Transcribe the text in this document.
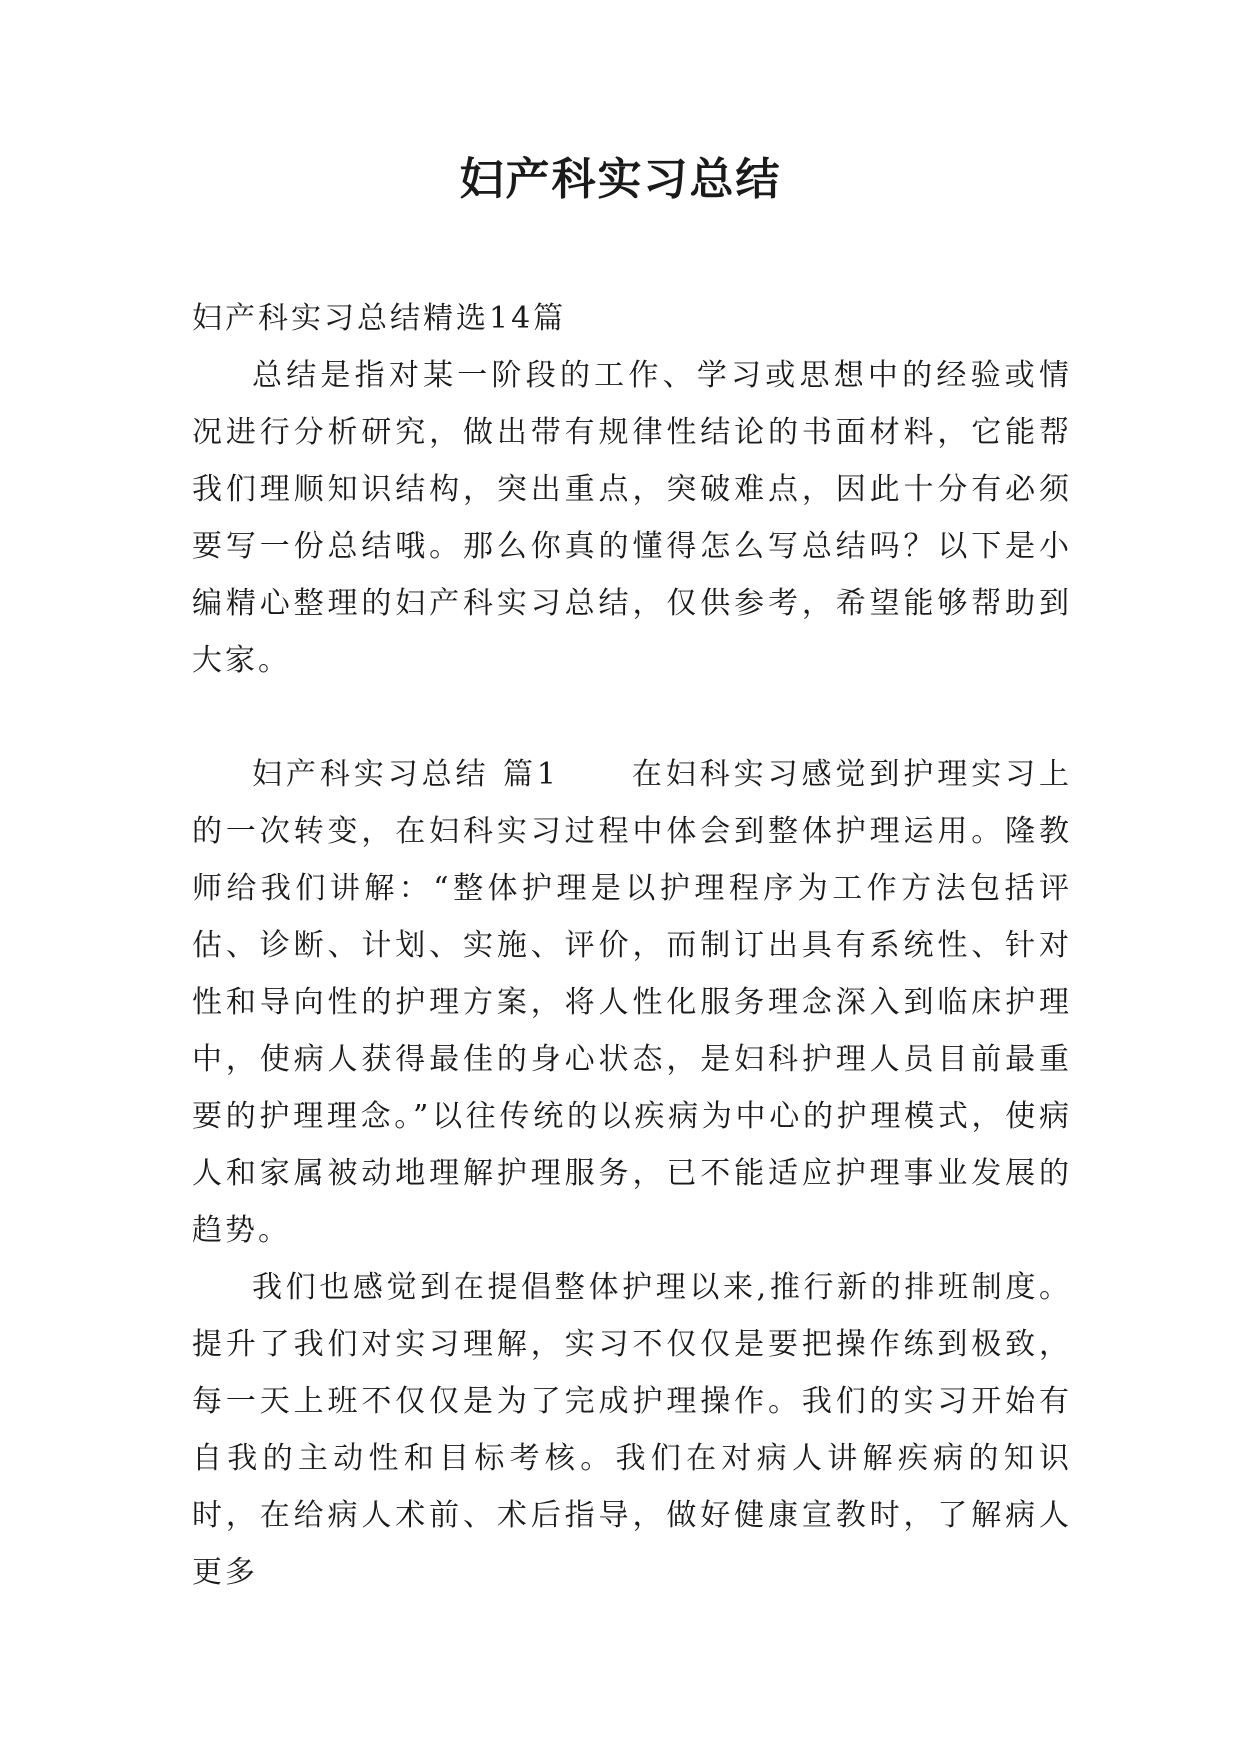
妇产科实习总结

妇产科实习总结精选14篇

总结是指对某一阶段的工作、学习或思想中的经验或情况进行分析研究，做出带有规律性结论的书面材料，它能帮我们理顺知识结构，突出重点，突破难点，因此十分有必须要写一份总结哦。那么你真的懂得怎么写总结吗？以下是小编精心整理的妇产科实习总结，仅供参考，希望能够帮助到大家。

妇产科实习总结 篇1 在妇科实习感觉到护理实习上的一次转变，在妇科实习过程中体会到整体护理运用。隆教师给我们讲解：“整体护理是以护理程序为工作方法包括评估、诊断、计划、实施、评价，而制订出具有系统性、针对性和导向性的护理方案，将人性化服务理念深入到临床护理中，使病人获得最佳的身心状态，是妇科护理人员目前最重要的护理理念。”以往传统的以疾病为中心的护理模式，使病人和家属被动地理解护理服务，已不能适应护理事业发展的趋势。

我们也感觉到在提倡整体护理以来,推行新的排班制度。提升了我们对实习理解，实习不仅仅是要把操作练到极致，每一天上班不仅仅是为了完成护理操作。我们的实习开始有自我的主动性和目标考核。我们在对病人讲解疾病的知识时，在给病人术前、术后指导，做好健康宣教时，了解病人更多
